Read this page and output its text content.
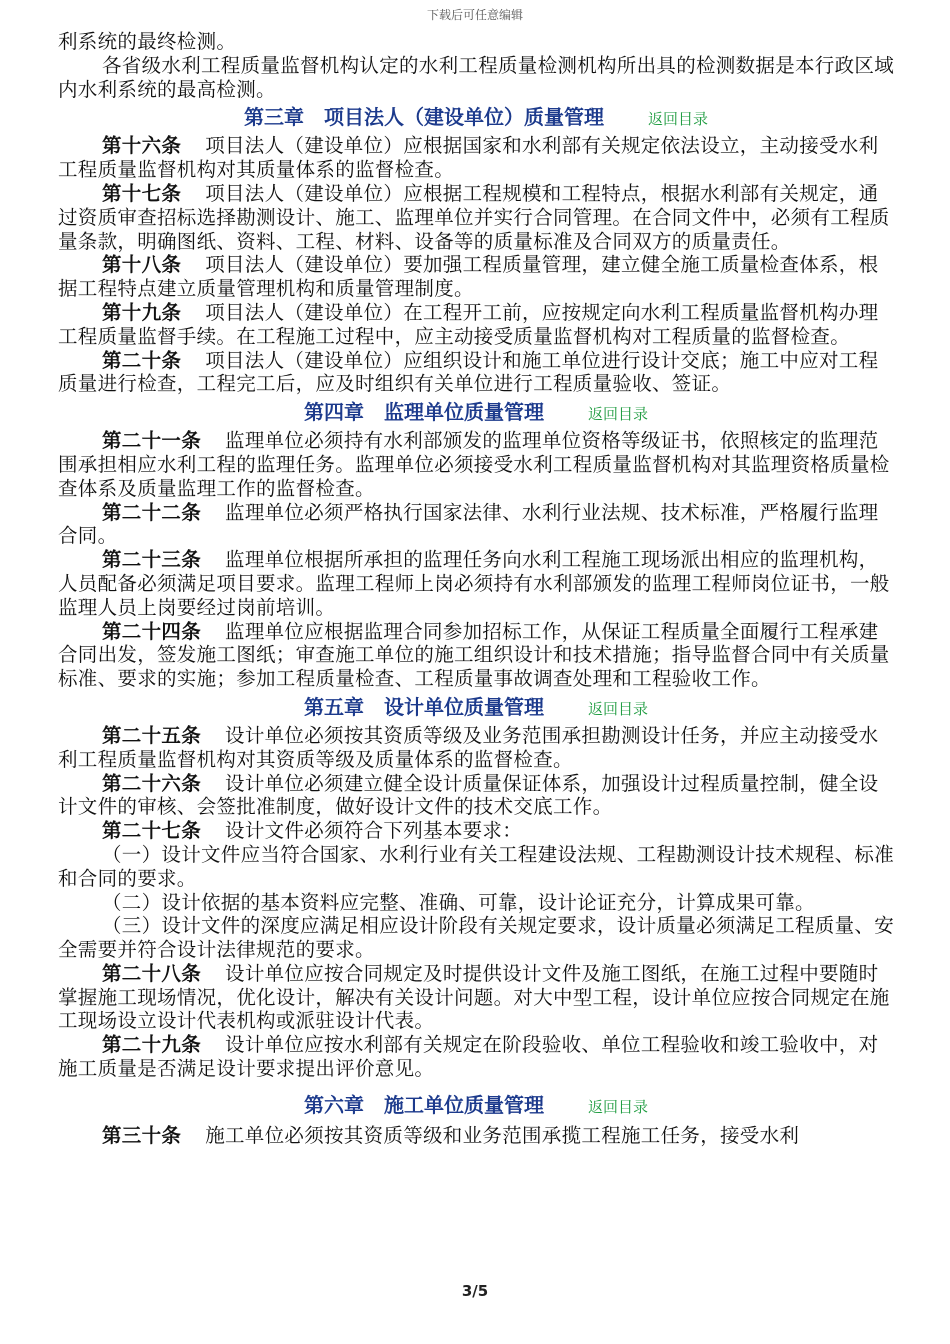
下载后可任意编辑

利系统的最终检测。

各省级水利工程质量监督机构认定的水利工程质量检测机构所出具的检测数据是本行政区域内水利系统的最高检测。

第三章　项目法人（建设单位）质量管理	返回目录

第十六条 项目法人（建设单位）应根据国家和水利部有关规定依法设立，主动接受水利工程质量监督机构对其质量体系的监督检查。

第十七条 项目法人（建设单位）应根据工程规模和工程特点，根据水利部有关规定，通过资质审查招标选择勘测设计、施工、监理单位并实行合同管理。在合同文件中，必须有工程质量条款，明确图纸、资料、工程、材料、设备等的质量标准及合同双方的质量责任。

第十八条 项目法人（建设单位）要加强工程质量管理，建立健全施工质量检查体系，根据工程特点建立质量管理机构和质量管理制度。

第十九条 项目法人（建设单位）在工程开工前，应按规定向水利工程质量监督机构办理工程质量监督手续。在工程施工过程中，应主动接受质量监督机构对工程质量的监督检查。

第二十条 项目法人（建设单位）应组织设计和施工单位进行设计交底；施工中应对工程质量进行检查，工程完工后，应及时组织有关单位进行工程质量验收、签证。

第四章　监理单位质量管理	返回目录

第二十一条 监理单位必须持有水利部颁发的监理单位资格等级证书，依照核定的监理范围承担相应水利工程的监理任务。监理单位必须接受水利工程质量监督机构对其监理资格质量检查体系及质量监理工作的监督检查。

第二十二条 监理单位必须严格执行国家法律、水利行业法规、技术标准，严格履行监理合同。

第二十三条 监理单位根据所承担的监理任务向水利工程施工现场派出相应的监理机构，人员配备必须满足项目要求。监理工程师上岗必须持有水利部颁发的监理工程师岗位证书，一般监理人员上岗要经过岗前培训。

第二十四条 监理单位应根据监理合同参加招标工作，从保证工程质量全面履行工程承建合同出发，签发施工图纸；审查施工单位的施工组织设计和技术措施；指导监督合同中有关质量标准、要求的实施；参加工程质量检查、工程质量事故调查处理和工程验收工作。

第五章　设计单位质量管理	返回目录

第二十五条 设计单位必须按其资质等级及业务范围承担勘测设计任务，并应主动接受水利工程质量监督机构对其资质等级及质量体系的监督检查。

第二十六条 设计单位必须建立健全设计质量保证体系，加强设计过程质量控制，健全设计文件的审核、会签批准制度，做好设计文件的技术交底工作。

第二十七条 设计文件必须符合下列基本要求：

（一）设计文件应当符合国家、水利行业有关工程建设法规、工程勘测设计技术规程、标准和合同的要求。

（二）设计依据的基本资料应完整、准确、可靠，设计论证充分，计算成果可靠。

（三）设计文件的深度应满足相应设计阶段有关规定要求，设计质量必须满足工程质量、安全需要并符合设计法律规范的要求。

第二十八条 设计单位应按合同规定及时提供设计文件及施工图纸，在施工过程中要随时掌握施工现场情况，优化设计，解决有关设计问题。对大中型工程，设计单位应按合同规定在施工现场设立设计代表机构或派驻设计代表。

第二十九条 设计单位应按水利部有关规定在阶段验收、单位工程验收和竣工验收中，对施工质量是否满足设计要求提出评价意见。

第六章　施工单位质量管理	返回目录

第三十条 施工单位必须按其资质等级和业务范围承揽工程施工任务，接受水利

3/5
